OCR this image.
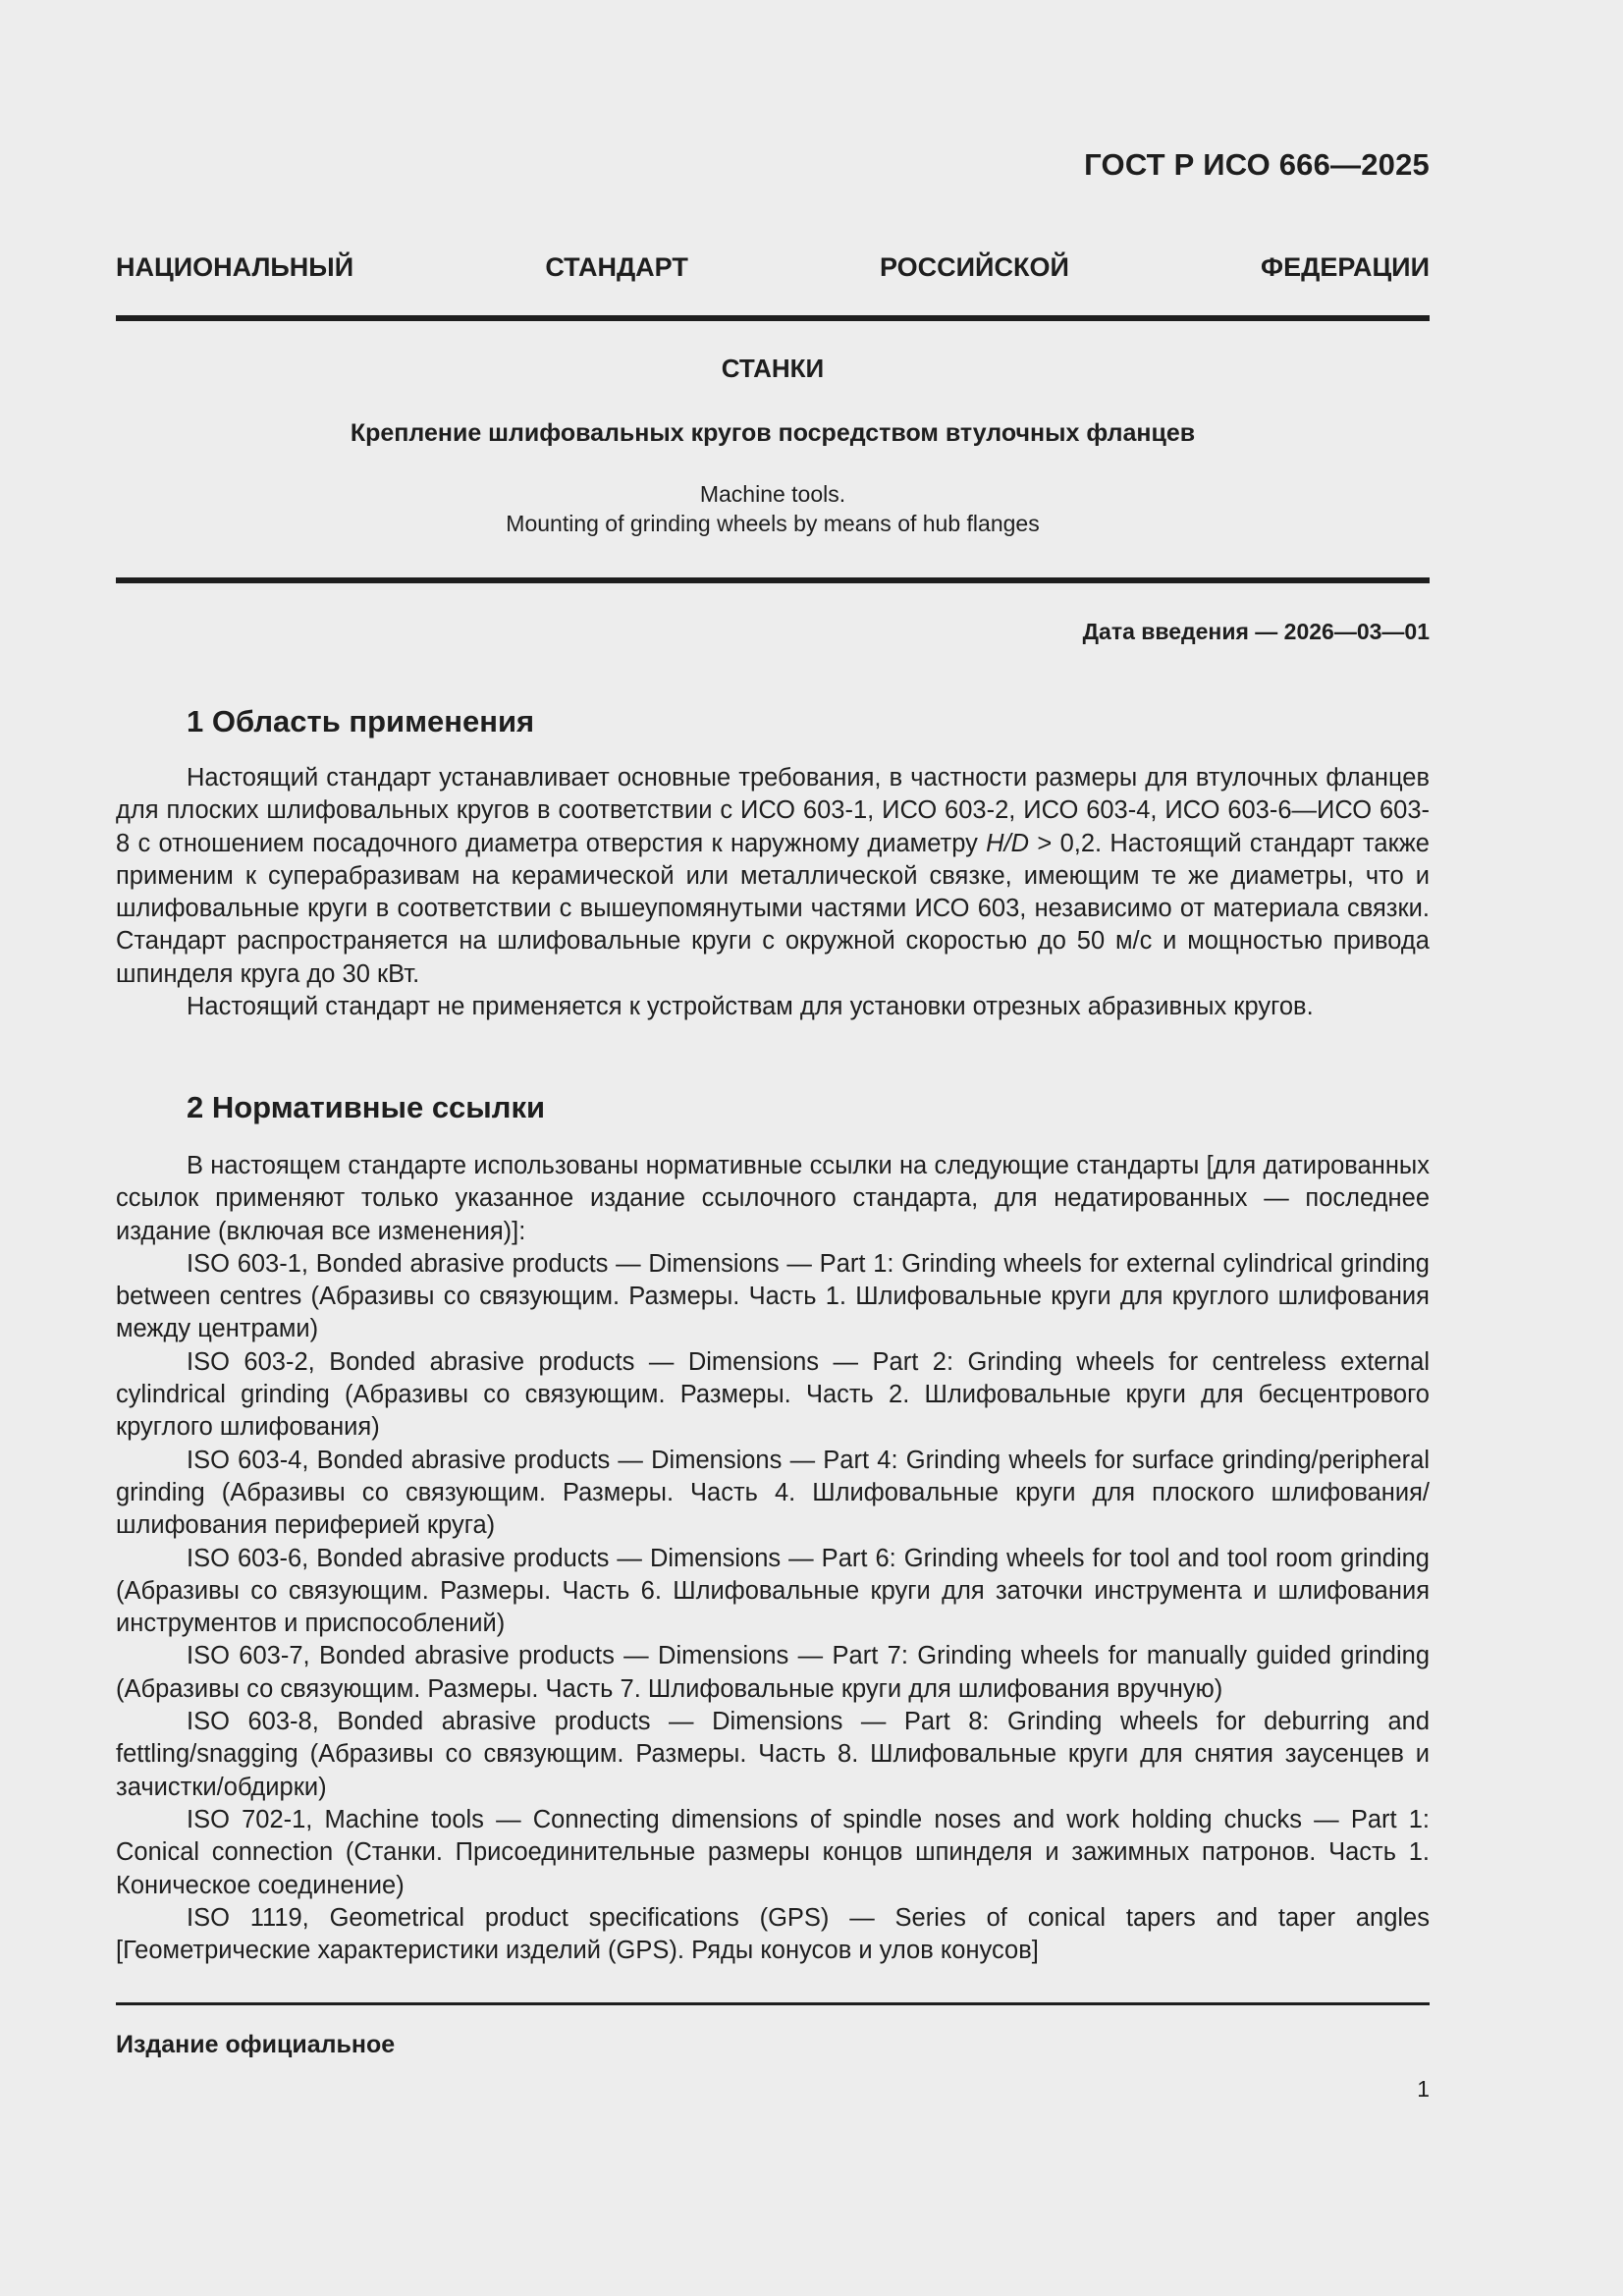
ГОСТ Р ИСО 666—2025
НАЦИОНАЛЬНЫЙ	СТАНДАРТ	РОССИЙСКОЙ	ФЕДЕРАЦИИ
СТАНКИ
Крепление шлифовальных кругов посредством втулочных фланцев
Machine tools.
Mounting of grinding wheels by means of hub flanges
Дата введения — 2026—03—01
1 Область применения

Настоящий стандарт устанавливает основные требования, в частности размеры для втулочных фланцев для плоских шлифовальных кругов в соответствии с ИСО 603-1, ИСО 603-2, ИСО 603-4, ИСО 603-6—ИСО 603-8 с отношением посадочного диаметра отверстия к наружному диаметру H/D > 0,2. Настоящий стандарт также применим к суперабразивам на керамической или металлической связке, имеющим те же диаметры, что и шлифовальные круги в соответствии с вышеупомянутыми частями ИСО 603, независимо от материала связки. Стандарт распространяется на шлифовальные круги с окружной скоростью до 50 м/с и мощностью привода шпинделя круга до 30 кВт.

Настоящий стандарт не применяется к устройствам для установки отрезных абразивных кругов.

2 Нормативные ссылки

В настоящем стандарте использованы нормативные ссылки на следующие стандарты [для датированных ссылок применяют только указанное издание ссылочного стандарта, для недатированных — последнее издание (включая все изменения)]:

ISO 603-1, Bonded abrasive products — Dimensions — Part 1: Grinding wheels for external cylindrical grinding between centres (Абразивы со связующим. Размеры. Часть 1. Шлифовальные круги для круглого шлифования между центрами)

ISO 603-2, Bonded abrasive products — Dimensions — Part 2: Grinding wheels for centreless external cylindrical grinding (Абразивы со связующим. Размеры. Часть 2. Шлифовальные круги для бесцентрового круглого шлифования)

ISO 603-4, Bonded abrasive products — Dimensions — Part 4: Grinding wheels for surface grinding/peripheral grinding (Абразивы со связующим. Размеры. Часть 4. Шлифовальные круги для плоского шлифования/шлифования периферией круга)

ISO 603-6, Bonded abrasive products — Dimensions — Part 6: Grinding wheels for tool and tool room grinding (Абразивы со связующим. Размеры. Часть 6. Шлифовальные круги для заточки инструмента и шлифования инструментов и приспособлений)

ISO 603-7, Bonded abrasive products — Dimensions — Part 7: Grinding wheels for manually guided grinding (Абразивы со связующим. Размеры. Часть 7. Шлифовальные круги для шлифования вручную)

ISO 603-8, Bonded abrasive products — Dimensions — Part 8: Grinding wheels for deburring and fettling/snagging (Абразивы со связующим. Размеры. Часть 8. Шлифовальные круги для снятия заусенцев и зачистки/обдирки)

ISO 702-1, Machine tools — Connecting dimensions of spindle noses and work holding chucks — Part 1: Conical connection (Станки. Присоединительные размеры концов шпинделя и зажимных патронов. Часть 1. Коническое соединение)

ISO 1119, Geometrical product specifications (GPS) — Series of conical tapers and taper angles [Геометрические характеристики изделий (GPS). Ряды конусов и улов конусов]

Издание официальное
1
